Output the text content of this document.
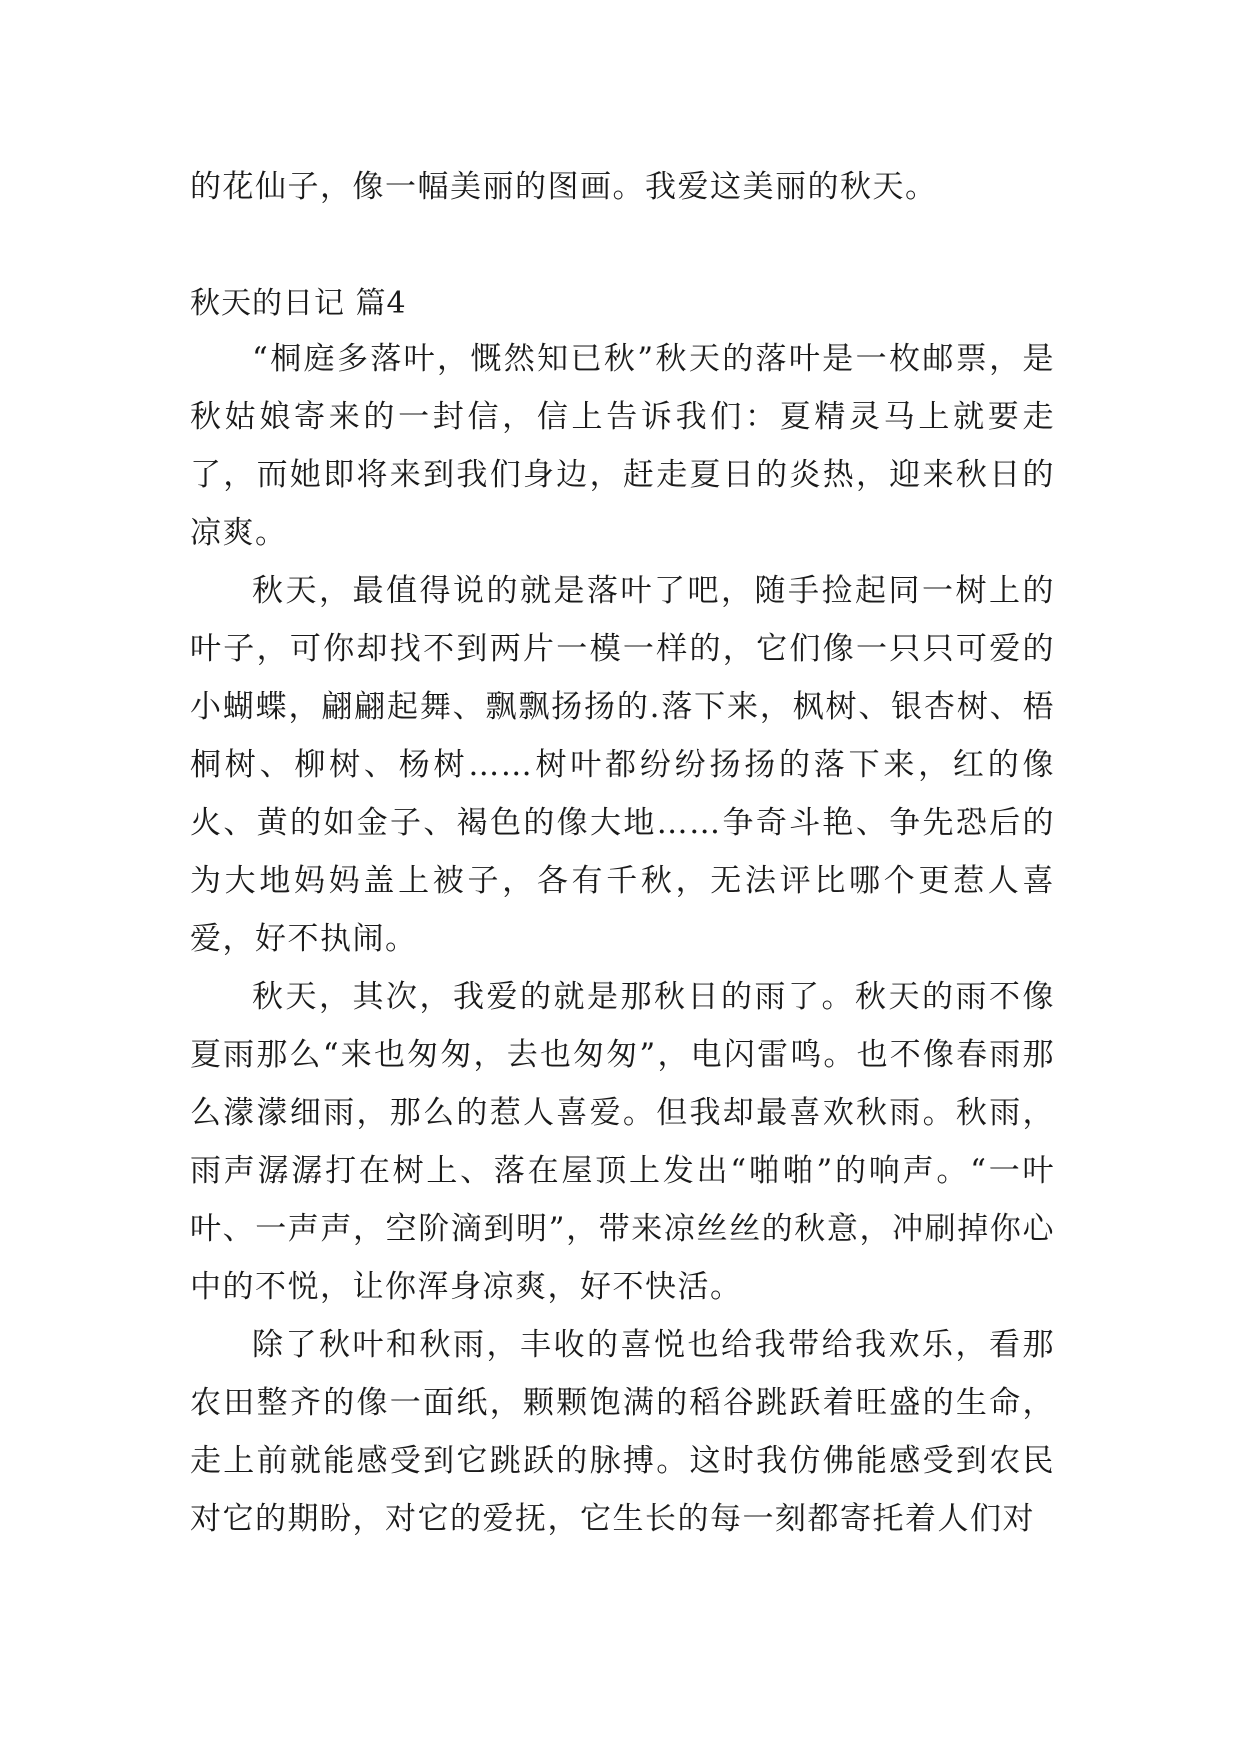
的花仙子，像一幅美丽的图画。我爱这美丽的秋天。

秋天的日记 篇4

“桐庭多落叶，慨然知已秋”秋天的落叶是一枚邮票，是秋姑娘寄来的一封信，信上告诉我们：夏精灵马上就要走了，而她即将来到我们身边，赶走夏日的炎热，迎来秋日的凉爽。

秋天，最值得说的就是落叶了吧，随手捡起同一树上的叶子，可你却找不到两片一模一样的，它们像一只只可爱的小蝴蝶，翩翩起舞、飘飘扬扬的.落下来，枫树、银杏树、梧桐树、柳树、杨树……树叶都纷纷扬扬的落下来，红的像火、黄的如金子、褐色的像大地……争奇斗艳、争先恐后的为大地妈妈盖上被子，各有千秋，无法评比哪个更惹人喜爱，好不执闹。

秋天，其次，我爱的就是那秋日的雨了。秋天的雨不像夏雨那么“来也匆匆，去也匆匆”，电闪雷鸣。也不像春雨那么濛濛细雨，那么的惹人喜爱。但我却最喜欢秋雨。秋雨，雨声潺潺打在树上、落在屋顶上发出“啪啪”的响声。“一叶叶、一声声，空阶滴到明”，带来凉丝丝的秋意，冲刷掉你心中的不悦，让你浑身凉爽，好不快活。

除了秋叶和秋雨，丰收的喜悦也给我带给我欢乐，看那农田整齐的像一面纸，颗颗饱满的稻谷跳跃着旺盛的生命，走上前就能感受到它跳跃的脉搏。这时我仿佛能感受到农民对它的期盼，对它的爱抚，它生长的每一刻都寄托着人们对
